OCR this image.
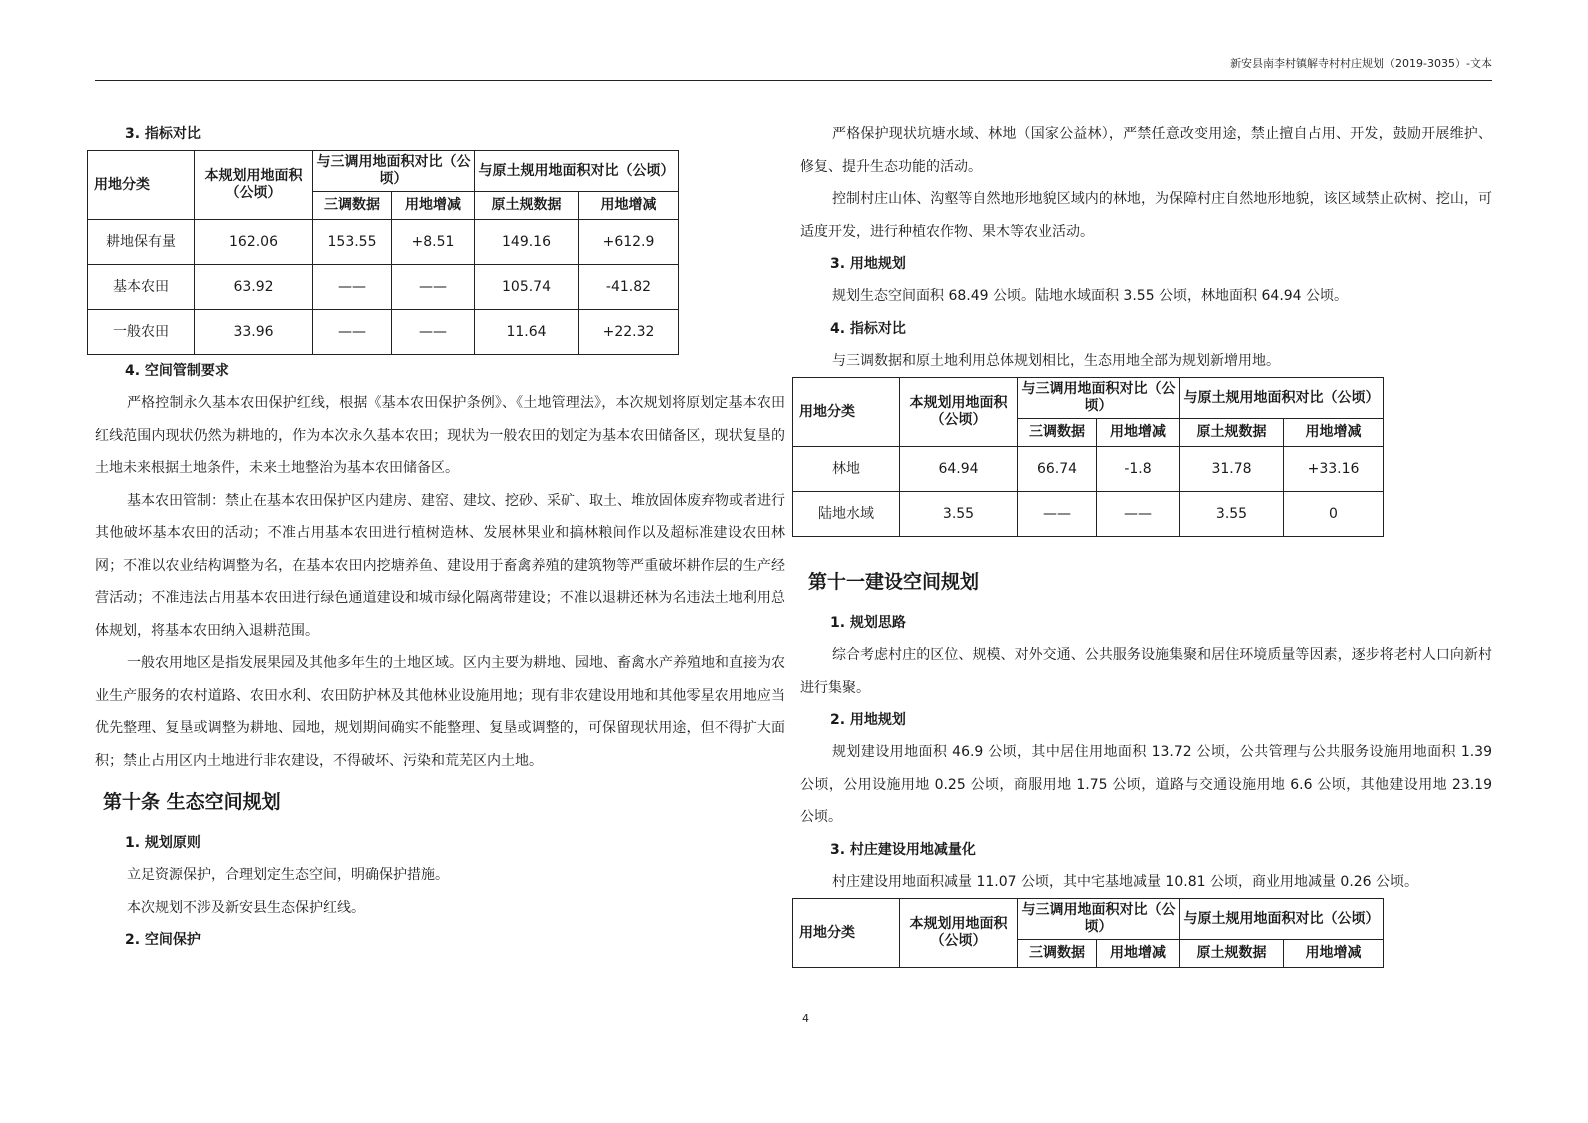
新安县南李村镇解寺村村庄规划（2019-3035）-文本
3. 指标对比
用地分类	本规划用地面积（公顷）	与三调用地面积对比（公顷）		与原土规用地面积对比（公顷）	
		三调数据	用地增减	原土规数据	用地增减
耕地保有量	162.06	153.55	+8.51	149.16	+612.9
基本农田	63.92	——	——	105.74	-41.82
一般农田	33.96	——	——	11.64	+22.32
4. 空间管制要求

严格控制永久基本农田保护红线，根据《基本农田保护条例》、《土地管理法》，本次规划将原划定基本农田红线范围内现状仍然为耕地的，作为本次永久基本农田；现状为一般农田的划定为基本农田储备区，现状复垦的土地未来根据土地条件，未来土地整治为基本农田储备区。

基本农田管制：禁止在基本农田保护区内建房、建窑、建坟、挖砂、采矿、取土、堆放固体废弃物或者进行其他破坏基本农田的活动；不准占用基本农田进行植树造林、发展林果业和搞林粮间作以及超标准建设农田林网；不准以农业结构调整为名，在基本农田内挖塘养鱼、建设用于畜禽养殖的建筑物等严重破坏耕作层的生产经营活动；不准违法占用基本农田进行绿色通道建设和城市绿化隔离带建设；不准以退耕还林为名违法土地利用总体规划，将基本农田纳入退耕范围。

一般农用地区是指发展果园及其他多年生的土地区域。区内主要为耕地、园地、畜禽水产养殖地和直接为农业生产服务的农村道路、农田水利、农田防护林及其他林业设施用地；现有非农建设用地和其他零星农用地应当优先整理、复垦或调整为耕地、园地，规划期间确实不能整理、复垦或调整的，可保留现状用途，但不得扩大面积；禁止占用区内土地进行非农建设，不得破坏、污染和荒芜区内土地。

第十条 生态空间规划
1. 规划原则

立足资源保护，合理划定生态空间，明确保护措施。

本次规划不涉及新安县生态保护红线。

2. 空间保护

严格保护现状坑塘水域、林地（国家公益林），严禁任意改变用途，禁止擅自占用、开发，鼓励开展维护、修复、提升生态功能的活动。

控制村庄山体、沟壑等自然地形地貌区域内的林地，为保障村庄自然地形地貌，该区域禁止砍树、挖山，可适度开发，进行种植农作物、果木等农业活动。

3. 用地规划

规划生态空间面积 68.49 公顷。陆地水域面积 3.55 公顷，林地面积 64.94 公顷。

4. 指标对比

与三调数据和原土地利用总体规划相比，生态用地全部为规划新增用地。

用地分类	本规划用地面积（公顷）	与三调用地面积对比（公顷）		与原土规用地面积对比（公顷）	
		三调数据	用地增减	原土规数据	用地增减
林地	64.94	66.74	-1.8	31.78	+33.16
陆地水域	3.55	——	——	3.55	0
第十一建设空间规划
1. 规划思路

综合考虑村庄的区位、规模、对外交通、公共服务设施集聚和居住环境质量等因素，逐步将老村人口向新村进行集聚。

2. 用地规划

规划建设用地面积 46.9 公顷，其中居住用地面积 13.72 公顷，公共管理与公共服务设施用地面积 1.39 公顷，公用设施用地 0.25 公顷，商服用地 1.75 公顷，道路与交通设施用地 6.6 公顷，其他建设用地 23.19 公顷。

3. 村庄建设用地减量化

村庄建设用地面积减量 11.07 公顷，其中宅基地减量 10.81 公顷，商业用地减量 0.26 公顷。

用地分类	本规划用地面积（公顷）	与三调用地面积对比（公顷）		与原土规用地面积对比（公顷）	
		三调数据	用地增减	原土规数据	用地增减
4
